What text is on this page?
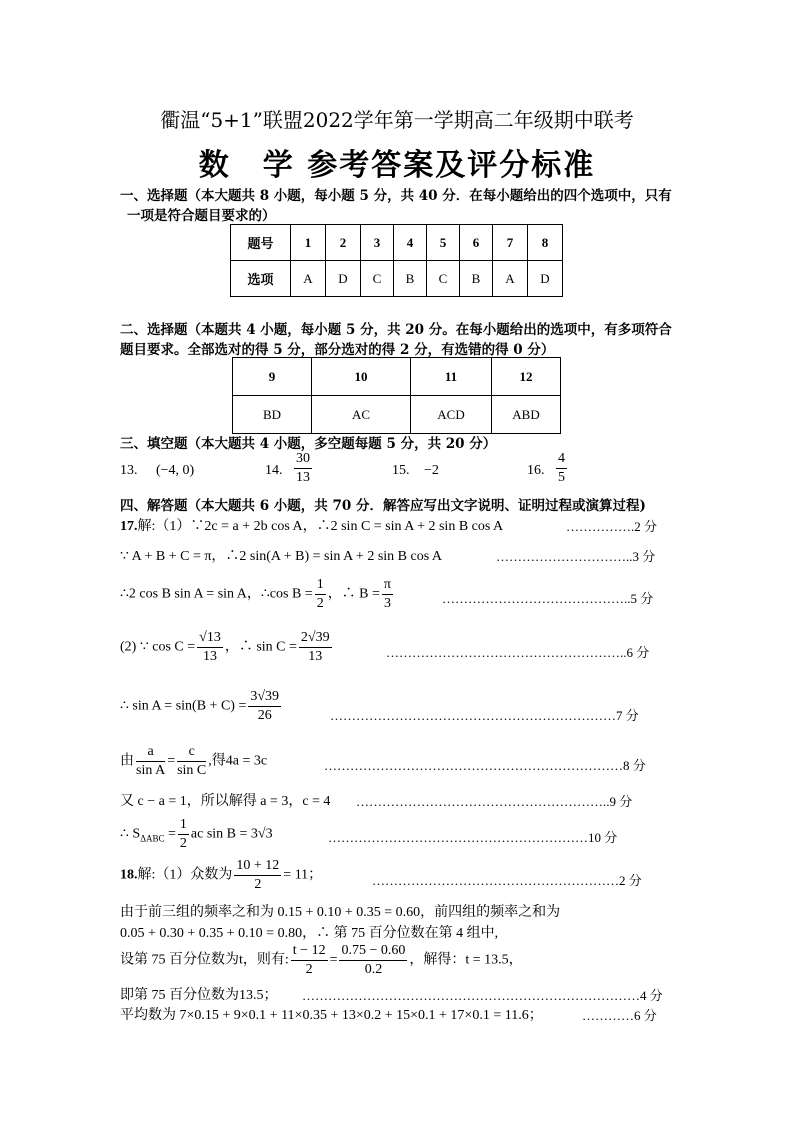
衢温“5+1”联盟2022学年第一学期高二年级期中联考
数　学 参考答案及评分标准
一、选择题（本大题共 8 小题，每小题 5 分，共 40 分．在每小题给出的四个选项中，只有
一项是符合题目要求的）
题号	1	2	3	4	5	6	7	8
选项	A	D	C	B	C	B	A	D
二、选择题（本题共 4 小题，每小题 5 分，共 20 分。在每小题给出的选项中，有多项符合
题目要求。全部选对的得 5 分，部分选对的得 2 分，有选错的得 0 分）
9	10	11	12
BD	AC	ACD	ABD
三、填空题（本大题共 4 小题，多空题每题 5 分，共 20 分）
13. (−4, 0)	14. $\frac{30}{13}$	15. −2	16. $\frac{4}{5}$
四、解答题（本大题共 6 小题，共 70 分．解答应写出文字说明、证明过程或演算过程)
17.解:（1）∵2c = a + 2b cos A，∴2 sin C = sin A + 2 sin B cos A	…………….2 分
∵ A + B + C = π，∴2 sin(A + B) = sin A + 2 sin B cos A	…………………………..3 分
∴2 cos B sin A = sin A，∴cos $B = \frac{1}{2}$ ，∴ $B = \frac{\pi}{3}$	……………………………………..5 分
(2) ∵ $\cos C = \frac{√13}{13}$ ，∴ $\sin C = \frac{2√39}{13}$	………………………………………………..6 分
∴ $\sin A = \sin(B + C) = \frac{3√39}{26}$	…………………………………………………………7 分
由 $\frac{a}{\text{sin A}} = \frac{c}{\text{sin C}}$ ,得4a = 3c	……………………………………………………………8 分
又 c − a = 1，所以解得 a = 3，c = 4 …………………………………………………..9 分
∴ $S_{\Delta ABC} = \frac{1}{2}$ ac sin B = 3√3	……………………………………………………10 分
18.解:（1）众数为 $\frac{10 + 12}{2} = 11$；	…………………………………………………2 分
由于前三组的频率之和为 0.15 + 0.10 + 0.35 = 0.60，前四组的频率之和为
0.05 + 0.30 + 0.35 + 0.10 = 0.80，∴ 第 75 百分位数在第 4 组中,
设第 75 百分位数为t，则有: $\frac{t - 12}{2} = \frac{0.75 - 0.60}{0.2}$ ，解得：t = 13.5，
即第 75 百分位数为13.5； ……………………………………………………………………4 分
平均数为 7×0.15 + 9×0.1 + 11×0.35 + 13×0.2 + 15×0.1 + 17×0.1 = 11.6；	…………6 分
